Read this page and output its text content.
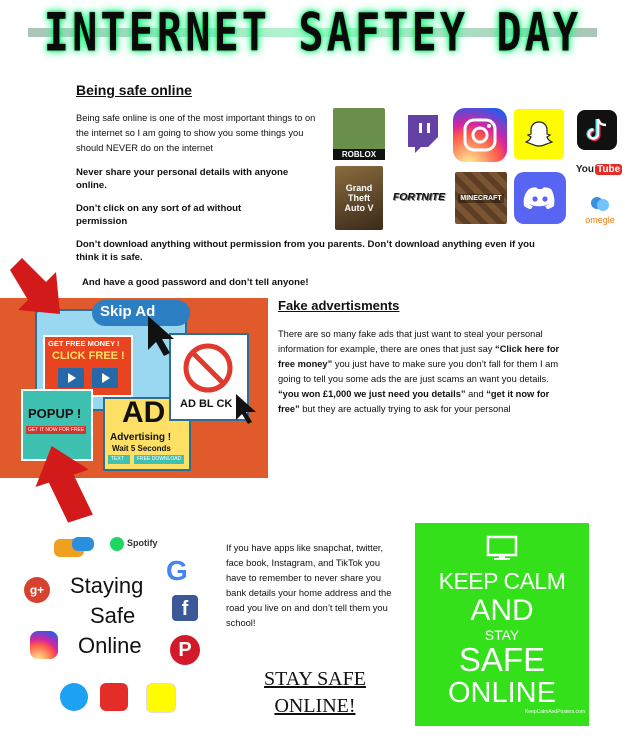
INTERNET SAFTEY DAY
Being safe online
Being safe online is one of the most important things to on the internet so I am going to show you some things you should NEVER do on the internet
Never share your personal details with anyone online.
Don’t click on any sort of ad without permission
Don’t download anything without permission from you parents. Don’t download anything even if you think it is safe.
And have a good password and don’t tell anyone!
ROBLOX
You Tube
Grand Theft Auto V
FORTNITE MINECRAFT
omegle
Skip Ad
GET FREE MONEY !
CLICK FREE !
POPUP !
GET IT NOW FOR FREE
AD
Advertising !
Wait 5 Seconds
TEXT	FREE DOWNLOAD
AD BL CK
Fake advertisments
There are so many fake ads that just want to steal your personal information for example, there are ones that just say “Click here for free money” you just have to make sure you don’t fall for them I am going to tell you some ads the are just scams an want you details. “you won £1,000 we just need you details” and “get it now for free” but they are actually trying to ask for your personal
Spotify
g+
G
f
P
Staying
Safe
Online
If you have apps like snapchat, twitter, face book, Instagram, and TikTok you have to remember to never share you bank details your home address and the road you live on and don’t tell them you school!
STAY SAFE
ONLINE!
KEEP CALM
AND
STAY
SAFE
ONLINE
KeepCalmAndPosters.com
